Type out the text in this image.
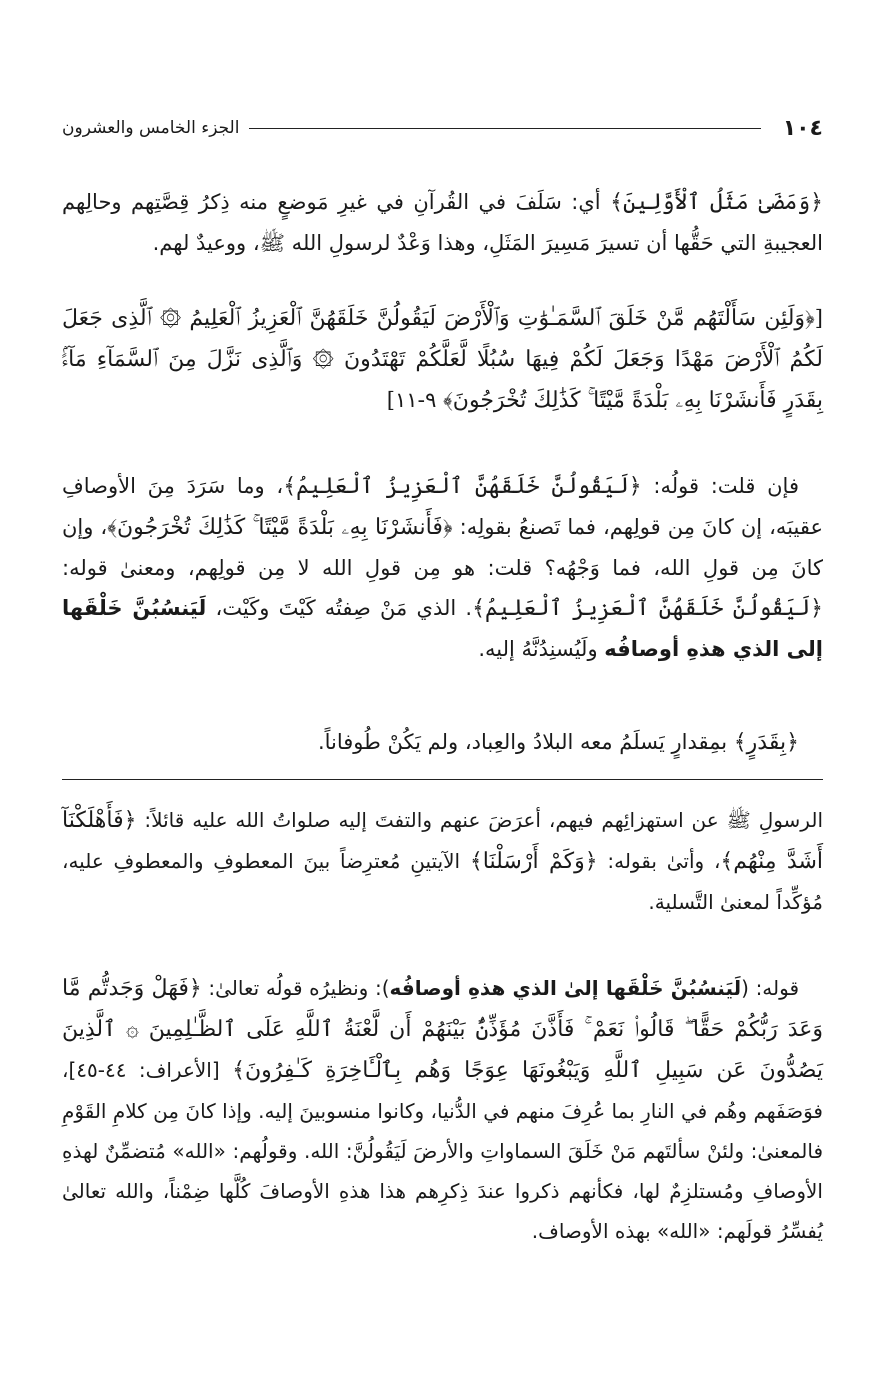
١٠٤
الجزء الخامس والعشرون

﴿وَمَضَىٰ مَثَلُ ٱلْأَوَّلِينَ﴾ أي: سَلَفَ في القُرآنِ في غيرِ مَوضعٍ منه ذِكرُ قِصَّتِهم وحالِهم العجيبةِ التي حَقُّها أن تسيرَ مَسِيرَ المَثَلِ، وهذا وَعْدٌ لرسولِ الله ﷺ، ووعيدٌ لهم.

[﴿وَلَئِن سَأَلْتَهُم مَّنْ خَلَقَ ٱلسَّمَـٰوَٰتِ وَٱلْأَرْضَ لَيَقُولُنَّ خَلَقَهُنَّ ٱلْعَزِيزُ ٱلْعَلِيمُ ۞ ٱلَّذِى جَعَلَ لَكُمُ ٱلْأَرْضَ مَهْدًا وَجَعَلَ لَكُمْ فِيهَا سُبُلًا لَّعَلَّكُمْ تَهْتَدُونَ ۞ وَٱلَّذِى نَزَّلَ مِنَ ٱلسَّمَآءِ مَآءًۢ بِقَدَرٍ فَأَنشَرْنَا بِهِۦ بَلْدَةً مَّيْتًا ۚ كَذَٰلِكَ تُخْرَجُونَ﴾ ٩-١١]

فإن قلت: قولُه: ﴿لَيَقُولُنَّ خَلَقَهُنَّ ٱلْعَزِيزُ ٱلْعَلِيمُ﴾، وما سَرَدَ مِنَ الأوصافِ عقيبَه، إن كانَ مِن قولِهم، فما تَصنعُ بقولِه: ﴿فَأَنشَرْنَا بِهِۦ بَلْدَةً مَّيْتًا ۚ كَذَٰلِكَ تُخْرَجُونَ﴾، وإن كانَ مِن قولِ الله، فما وَجْهُه؟ قلت: هو مِن قولِ الله لا مِن قولِهم، ومعنىٰ قوله: ﴿لَيَقُولُنَّ خَلَقَهُنَّ ٱلْعَزِيزُ ٱلْعَلِيمُ﴾. الذي مَنْ صِفتُه كَيْتَ وكَيْت، لَيَنسُبُنَّ خَلْقَها إلى الذي هذهِ أوصافُه ولَيُسنِدُنَّهُ إليه.

﴿بِقَدَرٍ﴾ بمِقدارٍ يَسلَمُ معه البلادُ والعِباد، ولم يَكُنْ طُوفاناً.

الرسولِ ﷺ عن استهزائِهم فيهم، أعرَضَ عنهم والتفتَ إليه صلواتُ الله عليه قائلاً: ﴿فَأَهْلَكْنَآ أَشَدَّ مِنْهُم﴾، وأتىٰ بقوله: ﴿وَكَمْ أَرْسَلْنَا﴾ الآيتينِ مُعترِضاً بينَ المعطوفِ والمعطوفِ عليه، مُؤكِّداً لمعنىٰ التَّسلية.

قوله: (لَيَنسُبُنَّ خَلْقَها إلىٰ الذي هذهِ أوصافُه): ونظيرُه قولُه تعالىٰ: ﴿فَهَلْ وَجَدتُّم مَّا وَعَدَ رَبُّكُمْ حَقًّا ۖ قَالُوا۟ نَعَمْ ۚ فَأَذَّنَ مُؤَذِّنٌۢ بَيْنَهُمْ أَن لَّعْنَةُ ٱللَّهِ عَلَى ٱلظَّـٰلِمِينَ ۞ ٱلَّذِينَ يَصُدُّونَ عَن سَبِيلِ ٱللَّهِ وَيَبْغُونَهَا عِوَجًا وَهُم بِٱلْـَٔاخِرَةِ كَـٰفِرُونَ﴾ [الأعراف: ٤٤-٤٥]، فوَصَفَهم وهُم في النارِ بما عُرِفَ منهم في الدُّنيا، وكانوا منسوبينَ إليه. وإذا كانَ مِن كلامِ القَوْمِ فالمعنىٰ: ولئنْ سألتَهم مَنْ خَلَقَ السماواتِ والأرضَ لَيَقُولُنَّ: الله. وقولُهم: «الله» مُتضمِّنٌ لهذهِ الأوصافِ ومُستلزِمٌ لها، فكأنهم ذكروا عندَ ذِكرِهم هذا هذهِ الأوصافَ كُلَّها ضِمْناً، والله تعالىٰ يُفسِّرُ قولَهم: «الله» بهذه الأوصاف.
